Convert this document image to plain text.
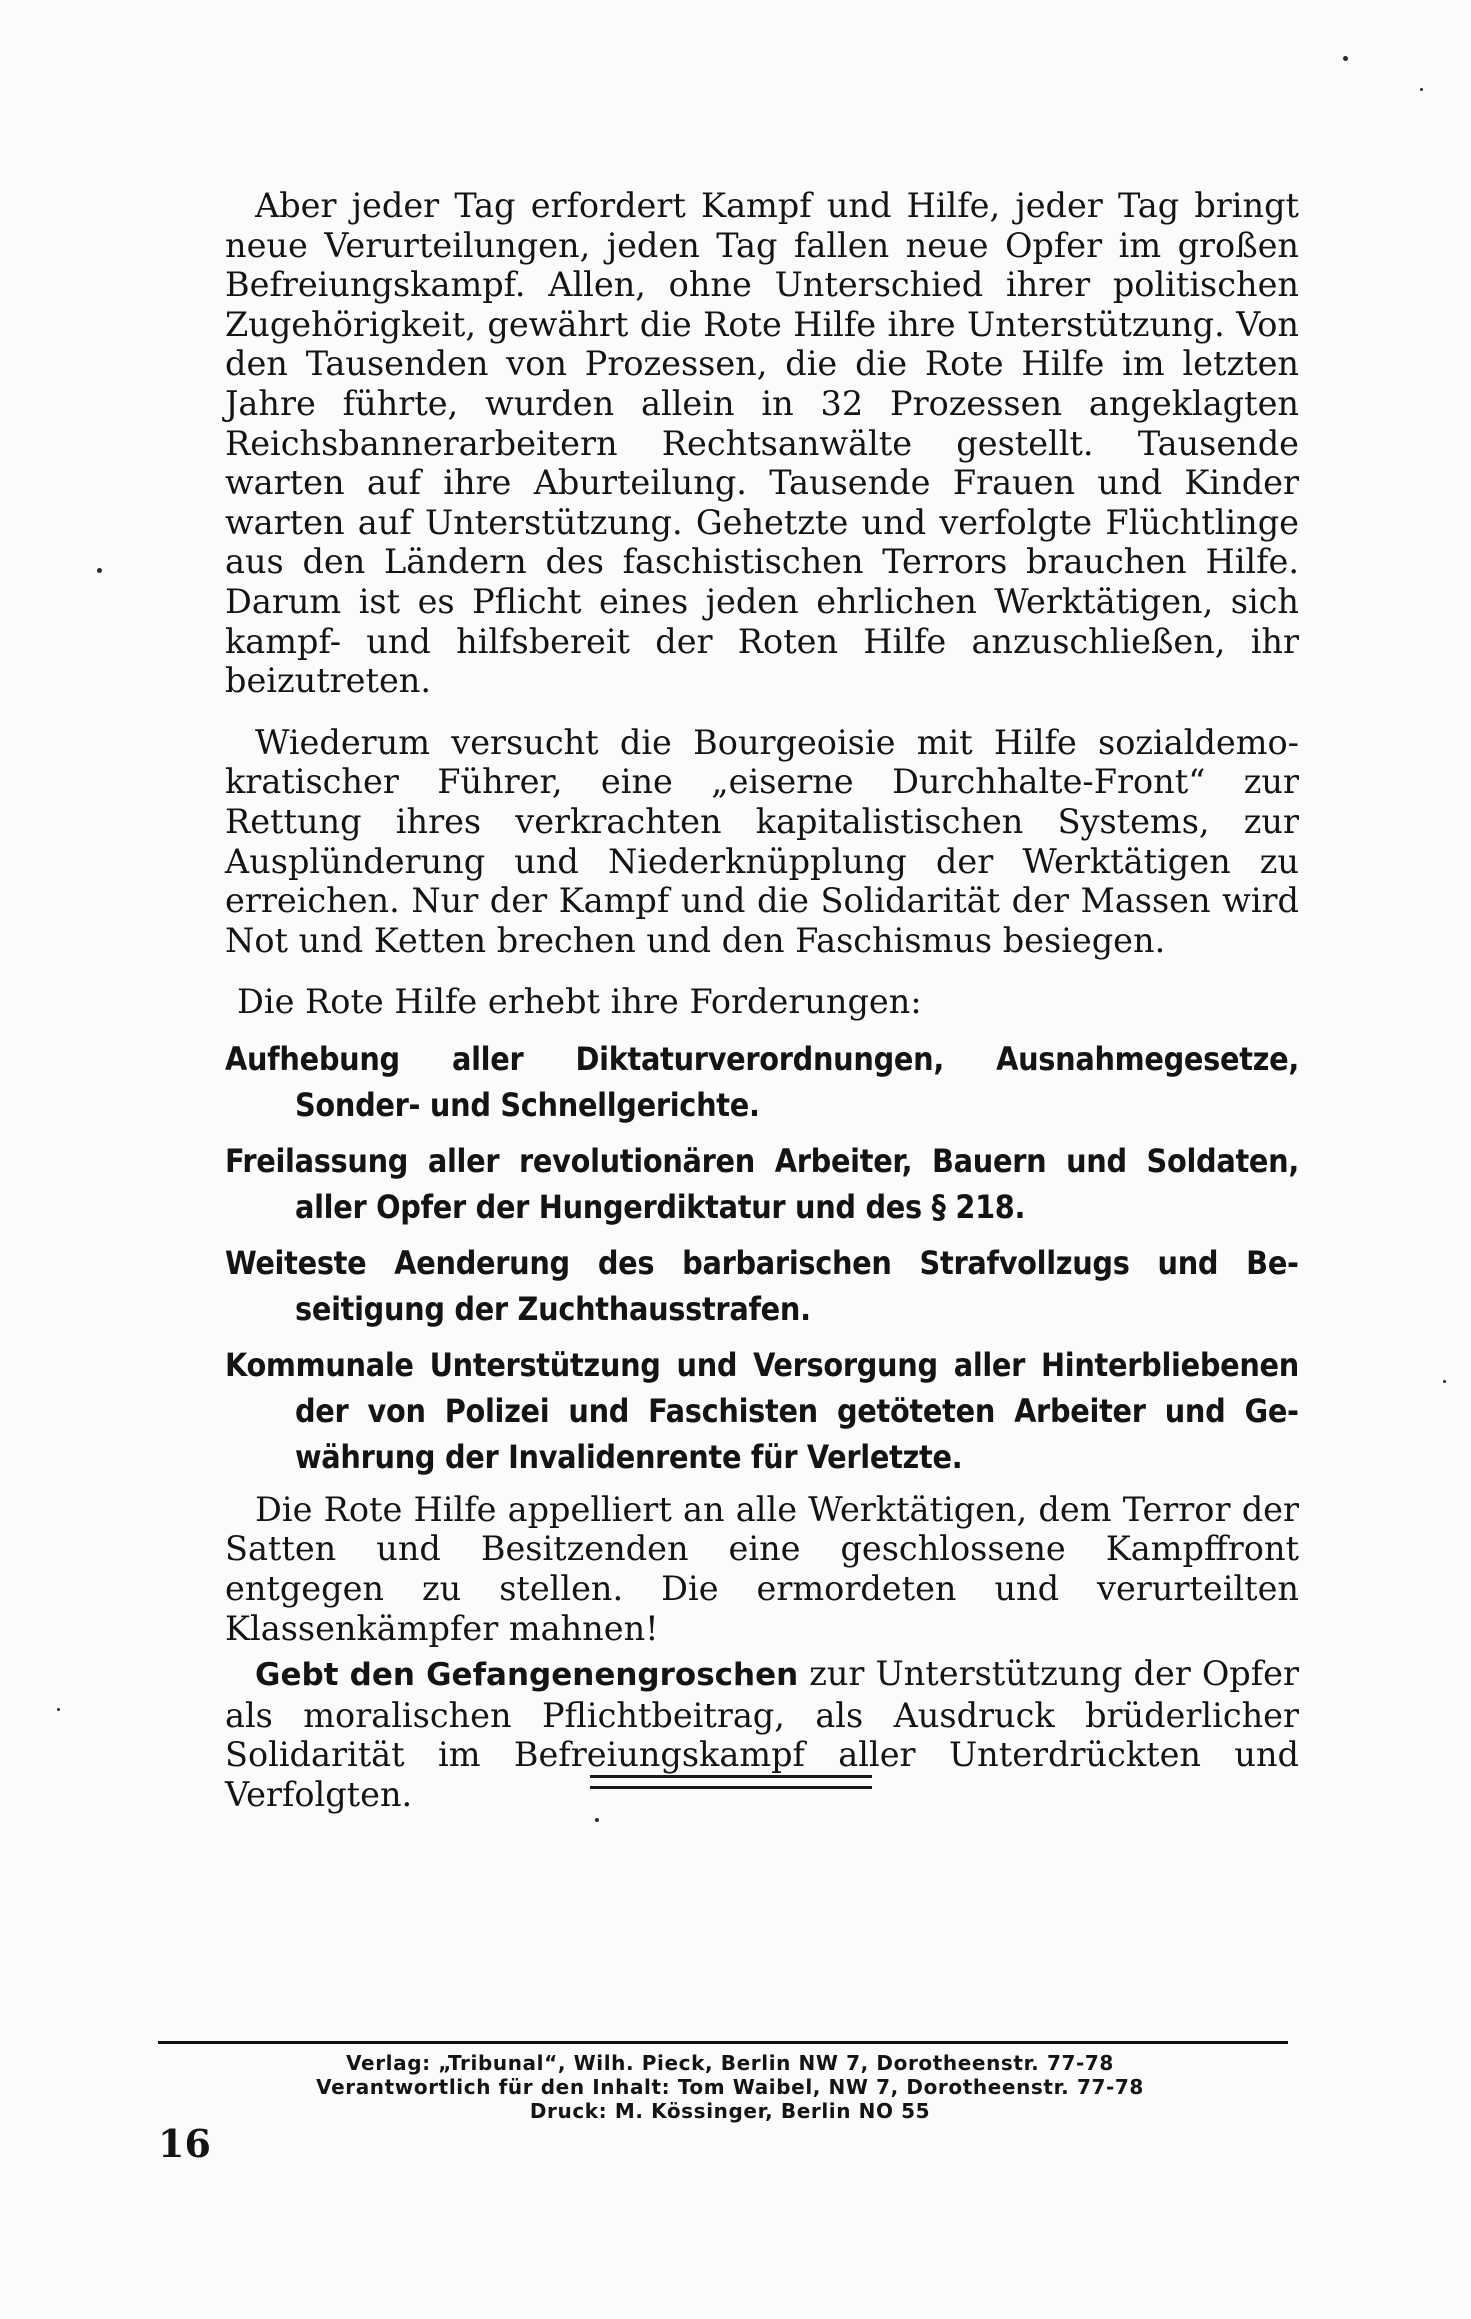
Aber jeder Tag erfordert Kampf und Hilfe, jeder Tag bringt neue Verurteilungen, jeden Tag fallen neue Opfer im großen Befreiungskampf. Allen, ohne Unterschied ihrer politischen Zugehörigkeit, gewährt die Rote Hilfe ihre Unterstützung. Von den Tausenden von Prozessen, die die Rote Hilfe im letzten Jahre führte, wurden allein in 32 Prozessen angeklagten Reichsbannerarbeitern Rechtsanwälte gestellt. Tausende warten auf ihre Aburteilung. Tausende Frauen und Kinder warten auf Unterstützung. Gehetzte und verfolgte Flüchtlinge aus den Ländern des faschistischen Terrors brauchen Hilfe. Darum ist es Pflicht eines jeden ehrlichen Werktätigen, sich kampf- und hilfsbereit der Roten Hilfe anzuschließen, ihr beizutreten.

Wiederum versucht die Bourgeoisie mit Hilfe sozialdemokratischer Führer, eine „eiserne Durchhalte-Front“ zur Rettung ihres verkrachten kapitalistischen Systems, zur Ausplünderung und Niederknüpplung der Werktätigen zu erreichen. Nur der Kampf und die Solidarität der Massen wird Not und Ketten brechen und den Faschismus besiegen.

Die Rote Hilfe erhebt ihre Forderungen:

Aufhebung aller Diktaturverordnungen, Ausnahmegesetze, Sonder- und Schnellgerichte.
Freilassung aller revolutionären Arbeiter, Bauern und Soldaten, aller Opfer der Hungerdiktatur und des § 218.
Weiteste Aenderung des barbarischen Strafvollzugs und Beseitigung der Zuchthausstrafen.
Kommunale Unterstützung und Versorgung aller Hinterbliebenen der von Polizei und Faschisten getöteten Arbeiter und Gewährung der Invalidenrente für Verletzte.

Die Rote Hilfe appelliert an alle Werktätigen, dem Terror der Satten und Besitzenden eine geschlossene Kampffront entgegen zu stellen. Die ermordeten und verurteilten Klassenkämpfer mahnen!

Gebt den Gefangenengroschen zur Unterstützung der Opfer als moralischen Pflichtbeitrag, als Ausdruck brüderlicher Solidarität im Befreiungskampf aller Unterdrückten und Verfolgten.

Verlag: „Tribunal“, Wilh. Pieck, Berlin NW 7, Dorotheenstr. 77-78
Verantwortlich für den Inhalt: Tom Waibel, NW 7, Dorotheenstr. 77-78
Druck: M. Kössinger, Berlin NO 55
16
